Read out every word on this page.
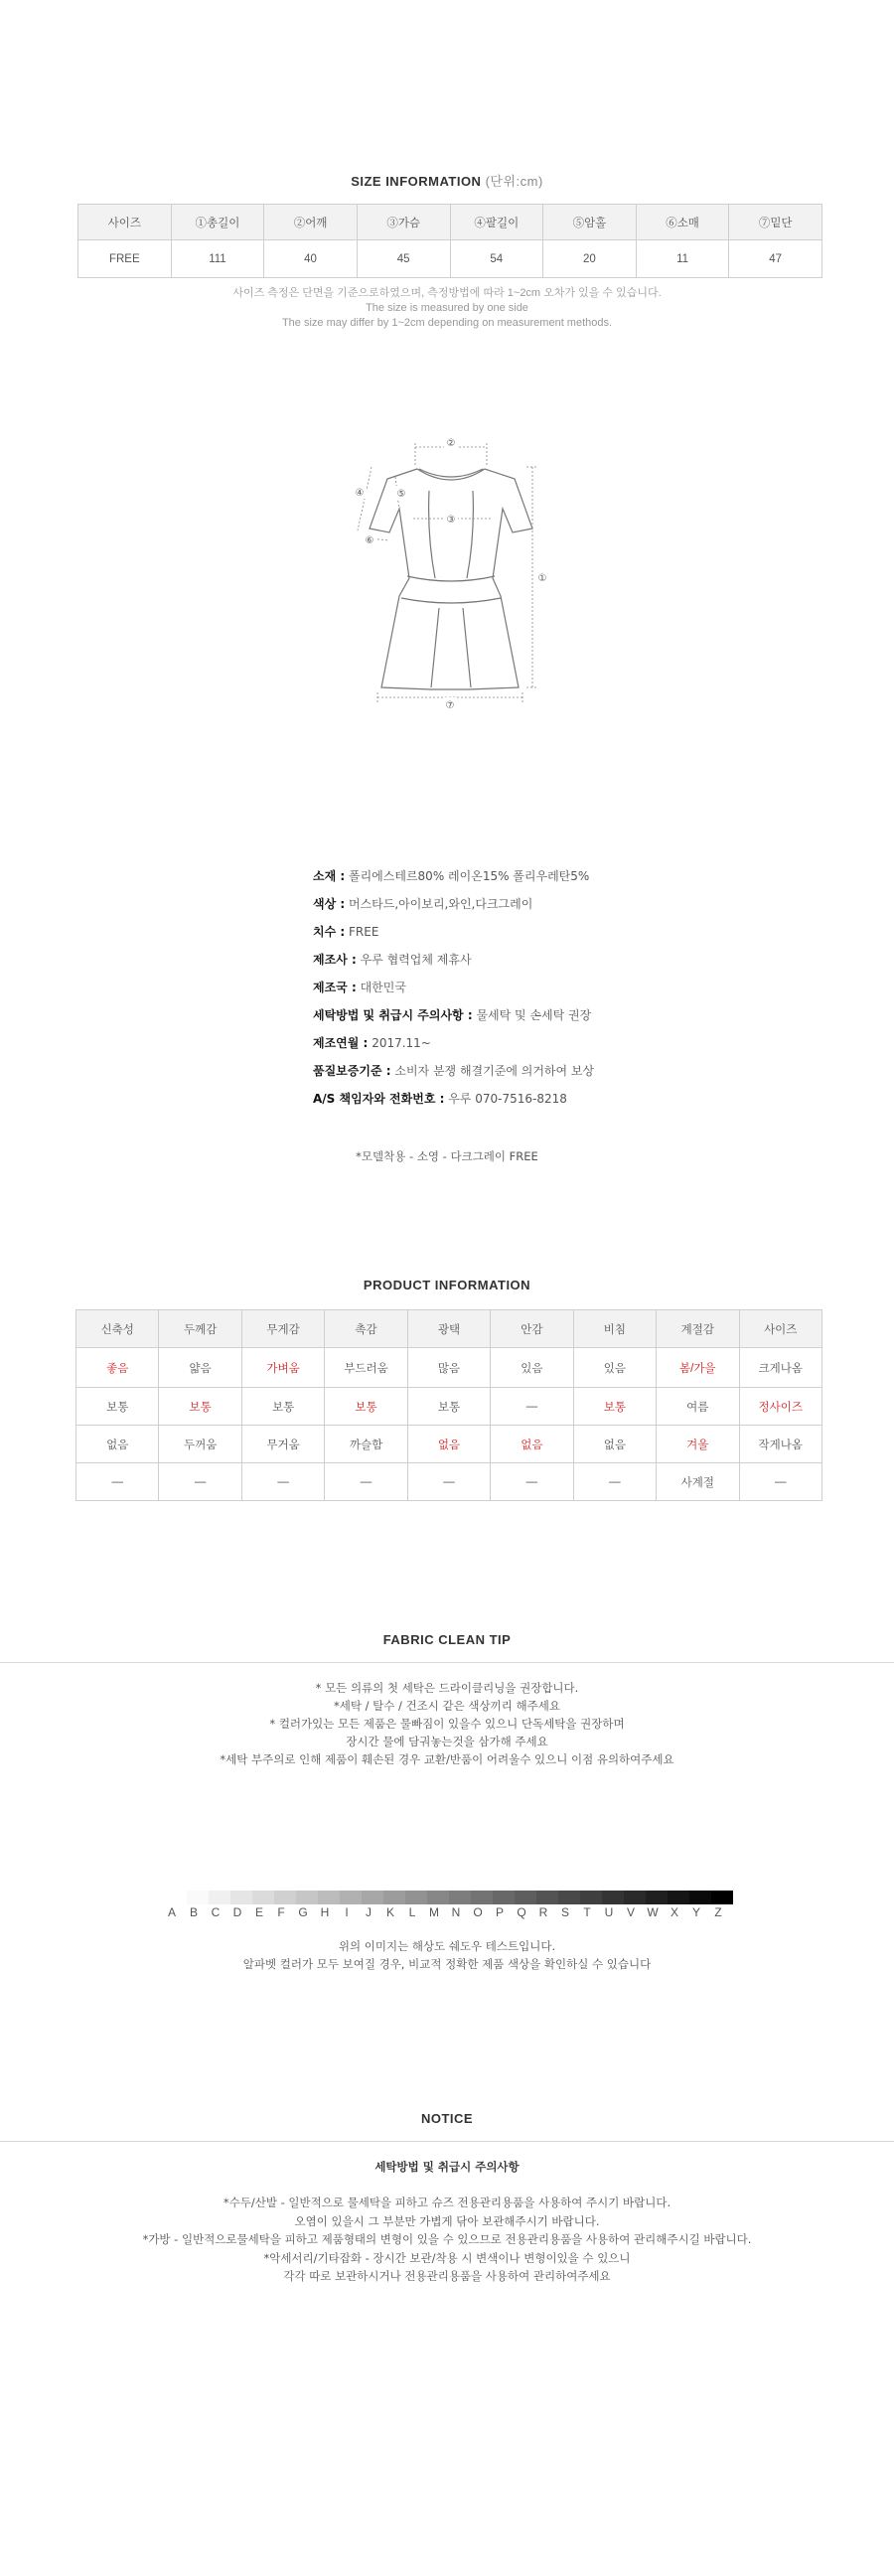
SIZE INFORMATION (단위:cm)
사이즈	①총길이	②어깨	③가슴	④팔길이	⑤암홀	⑥소매	⑦밑단
FREE	111	40	45	54	20	11	47
사이즈 측정은 단면을 기준으로하였으며, 측정방법에 따라 1~2cm 오차가 있을 수 있습니다.
The size is measured by one side
The size may differ by 1~2cm depending on measurement methods.
②
④	⑤
③
⑥
①
⑦
소재 : 폴리에스테르80% 레이온15% 폴리우레탄5%
색상 : 머스타드,아이보리,와인,다크그레이
치수 : FREE
제조사 : 우루 협력업체 제휴사
제조국 : 대한민국
세탁방법 및 취급시 주의사항 : 물세탁 및 손세탁 권장
제조연월 : 2017.11~
품질보증기준 : 소비자 분쟁 해결기준에 의거하여 보상
A/S 책임자와 전화번호 : 우루 070-7516-8218
*모델착용 - 소영 - 다크그레이 FREE
PRODUCT INFORMATION
신축성	두께감	무게감	촉감	광택	안감	비침	계절감	사이즈
좋음	얇음	가벼움	부드러움	많음	있음	있음	봄/가을	크게나옴
보통	보통	보통	보통	보통	—	보통	여름	정사이즈
없음	두꺼움	무거움	까슬함	없음	없음	없음	겨울	작게나옴
—	—	—	—	—	—	—	사계절	—
FABRIC CLEAN TIP
* 모든 의류의 첫 세탁은 드라이클리닝을 권장합니다.
*세탁 / 탈수 / 건조시 같은 색상끼리 해주세요
* 컬러가있는 모든 제품은 물빠짐이 있을수 있으니 단독세탁을 권장하며
장시간 물에 담궈놓는것을 삼가해 주세요
*세탁 부주의로 인해 제품이 훼손된 경우 교환/반품이 어려울수 있으니 이점 유의하여주세요
A	B	C	D	E	F	G	H	I	J	K	L	M	N	O	P	Q	R	S	T	U	V	W	X	Y	Z
위의 이미지는 해상도 쉐도우 테스트입니다.
알파벳 컬러가 모두 보여질 경우, 비교적 정확한 제품 색상을 확인하실 수 있습니다
NOTICE
세탁방법 및 취급시 주의사항
*수두/산발 - 일반적으로 물세탁을 피하고 슈즈 전용관리용품을 사용하여 주시기 바랍니다.
오염이 있을시 그 부분만 가볍게 닦아 보관해주시기 바랍니다.
*가방 - 일반적으로물세탁을 피하고 제품형태의 변형이 있을 수 있으므로 전용관리용품을 사용하여 관리해주시길 바랍니다.
*악세서리/기타잡화 - 장시간 보관/착용 시 변색이나 변형이있을 수 있으니
각각 따로 보관하시거나 전용관리용품을 사용하여 관리하여주세요
